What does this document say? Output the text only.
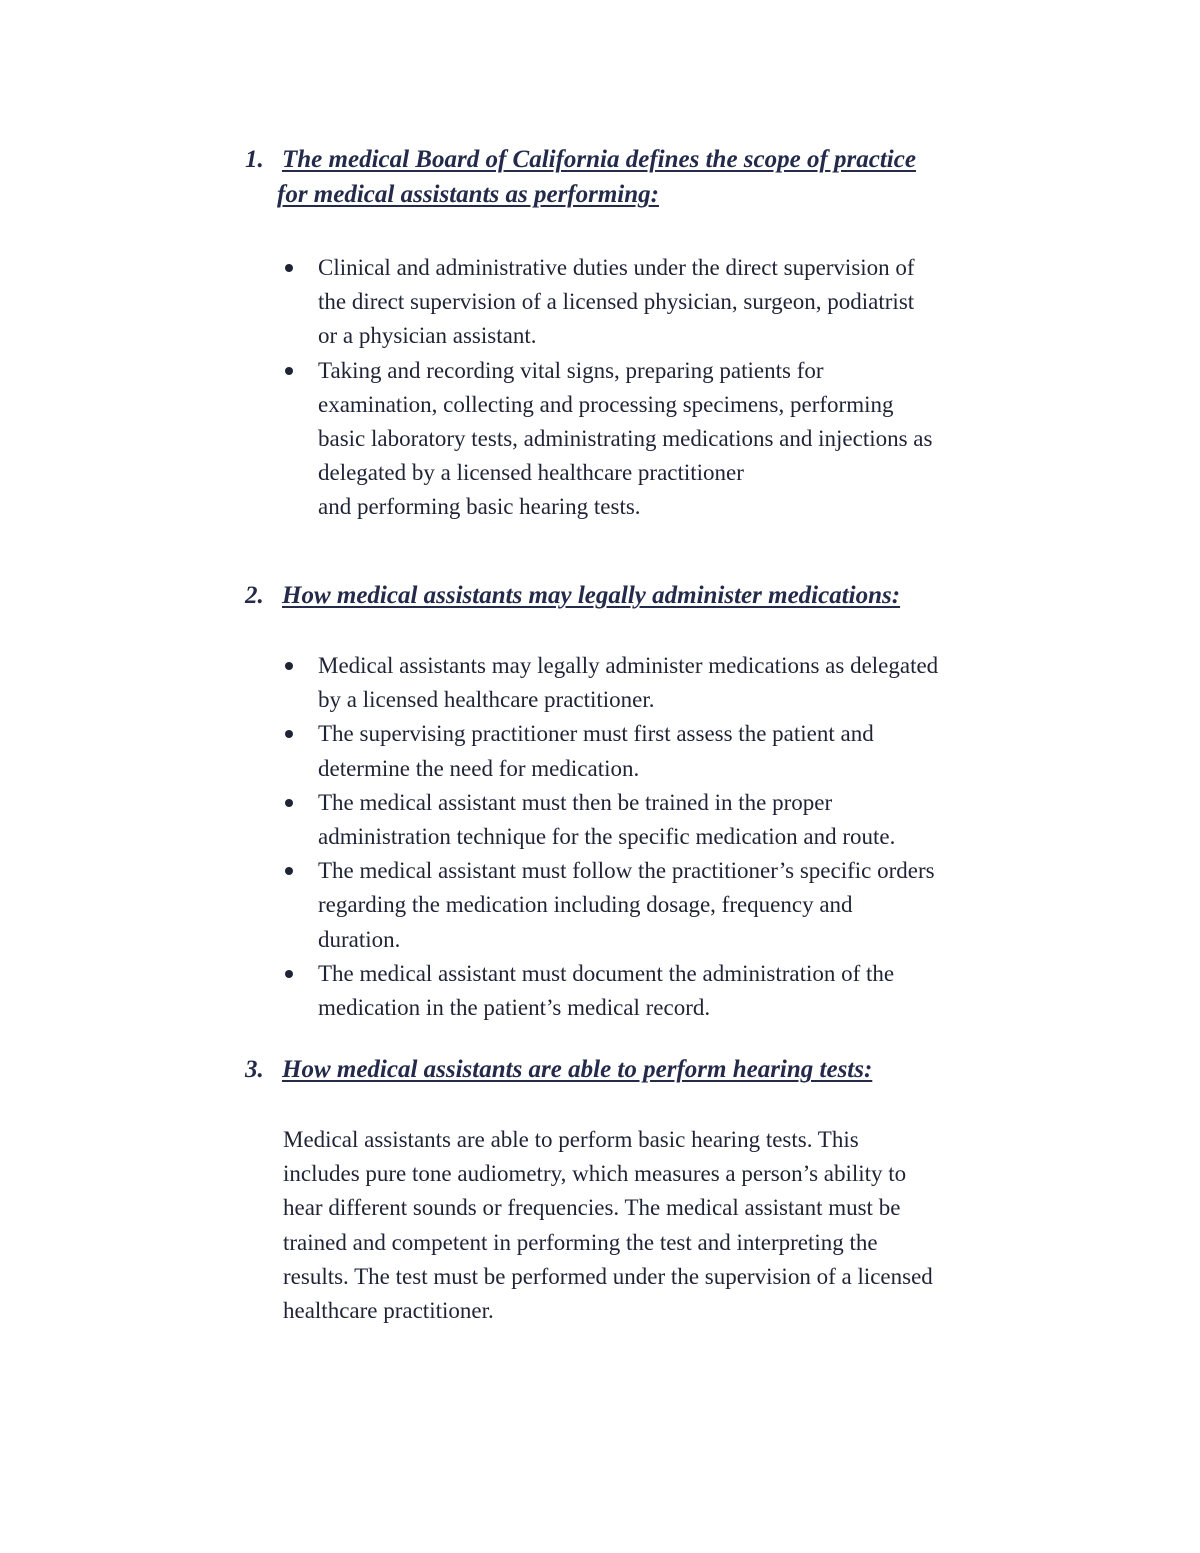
1. The medical Board of California defines the scope of practice
for medical assistants as performing:
Clinical and administrative duties under the direct supervision of
the direct supervision of a licensed physician, surgeon, podiatrist
or a physician assistant.
Taking and recording vital signs, preparing patients for
examination, collecting and processing specimens, performing
basic laboratory tests, administrating medications and injections as
delegated by a licensed healthcare practitioner
and performing basic hearing tests.
2. How medical assistants may legally administer medications:
Medical assistants may legally administer medications as delegated
by a licensed healthcare practitioner.
The supervising practitioner must first assess the patient and
determine the need for medication.
The medical assistant must then be trained in the proper
administration technique for the specific medication and route.
The medical assistant must follow the practitioner’s specific orders
regarding the medication including dosage, frequency and
duration.
The medical assistant must document the administration of the
medication in the patient’s medical record.
3. How medical assistants are able to perform hearing tests:
Medical assistants are able to perform basic hearing tests. This
includes pure tone audiometry, which measures a person’s ability to
hear different sounds or frequencies. The medical assistant must be
trained and competent in performing the test and interpreting the
results. The test must be performed under the supervision of a licensed
healthcare practitioner.
